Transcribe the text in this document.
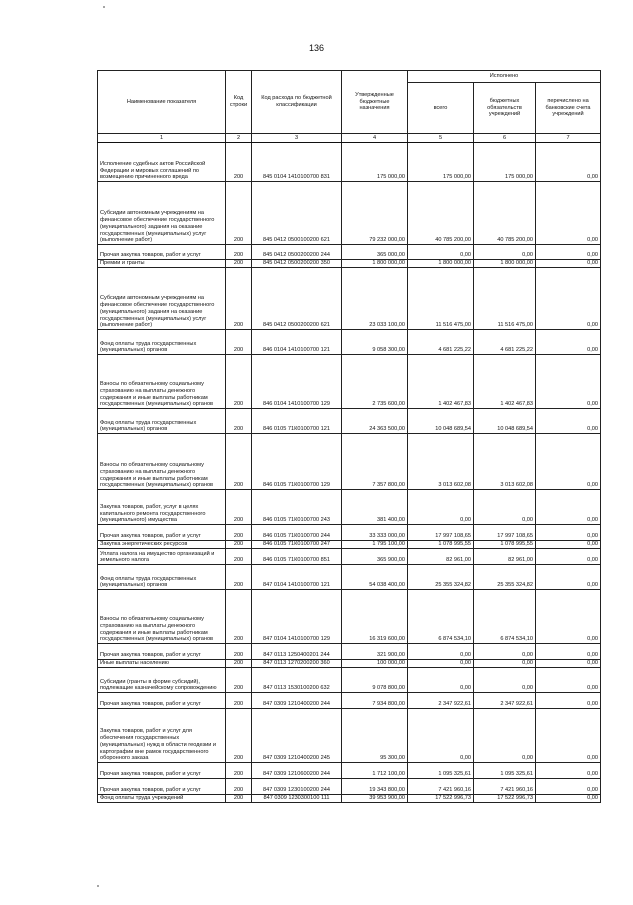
136
Наименование показателя	Код строки	Код расхода по бюджетной классификации	Утвержденные бюджетные назначения	Исполнено		
				всего	бюджетных обязательств учреждений	перечислено на банковские счета учреждений
1	2	3	4	5	6	7
Исполнение судебных актов Российской Федерации и мировых соглашений по возмещению причиненного вреда	200	845 0104 1410100700 831	175 000,00	175 000,00	175 000,00	0,00
Субсидии автономным учреждениям на финансовое обеспечение государственного (муниципального) задания на оказание государственных (муниципальных) услуг (выполнение работ)	200	845 0412 0500100200 621	79 232 000,00	40 785 200,00	40 785 200,00	0,00
Прочая закупка товаров, работ и услуг	200	845 0412 0500200200 244	365 000,00	0,00	0,00	0,00
Премии и гранты	200	845 0412 0500200200 350	1 800 000,00	1 800 000,00	1 800 000,00	0,00
Субсидии автономным учреждениям на финансовое обеспечение государственного (муниципального) задания на оказание государственных (муниципальных) услуг (выполнение работ)	200	845 0412 0500200200 621	23 033 100,00	11 516 475,00	11 516 475,00	0,00
Фонд оплаты труда государственных (муниципальных) органов	200	846 0104 1410100700 121	9 058 300,00	4 681 225,22	4 681 225,22	0,00
Взносы по обязательному социальному страхованию на выплаты денежного содержания и иные выплаты работникам государственных (муниципальных) органов	200	846 0104 1410100700 129	2 735 600,00	1 402 467,83	1 402 467,83	0,00
Фонд оплаты труда государственных (муниципальных) органов	200	846 0105 71К0100700 121	24 363 500,00	10 048 689,54	10 048 689,54	0,00
Взносы по обязательному социальному страхованию на выплаты денежного содержания и иные выплаты работникам государственных (муниципальных) органов	200	846 0105 71К0100700 129	7 357 800,00	3 013 602,08	3 013 602,08	0,00
Закупка товаров, работ, услуг в целях капитального ремонта государственного (муниципального) имущества	200	846 0105 71К0100700 243	381 400,00	0,00	0,00	0,00
Прочая закупка товаров, работ и услуг	200	846 0105 71К0100700 244	33 333 000,00	17 997 108,65	17 997 108,65	0,00
Закупка энергетических ресурсов	200	846 0105 71К0100700 247	1 795 100,00	1 078 995,55	1 078 995,55	0,00
Уплата налога на имущество организаций и земельного налога	200	846 0105 71К0100700 851	365 900,00	82 961,00	82 961,00	0,00
Фонд оплаты труда государственных (муниципальных) органов	200	847 0104 1410100700 121	54 038 400,00	25 355 324,82	25 355 324,82	0,00
Взносы по обязательному социальному страхованию на выплаты денежного содержания и иные выплаты работникам государственных (муниципальных) органов	200	847 0104 1410100700 129	16 319 600,00	6 874 534,10	6 874 534,10	0,00
Прочая закупка товаров, работ и услуг	200	847 0113 1250400201 244	321 900,00	0,00	0,00	0,00
Иные выплаты населению	200	847 0113 1270200200 360	100 000,00	0,00	0,00	0,00
Субсидии (гранты в форме субсидий), подлежащие казначейскому сопровождению	200	847 0113 1530100200 632	9 078 800,00	0,00	0,00	0,00
Прочая закупка товаров, работ и услуг	200	847 0309 1210400200 244	7 934 800,00	2 347 922,61	2 347 922,61	0,00
Закупка товаров, работ и услуг для обеспечения государственных (муниципальных) нужд в области геодезии и картографии вне рамок государственного оборонного заказа	200	847 0309 1210400200 245	95 300,00	0,00	0,00	0,00
Прочая закупка товаров, работ и услуг	200	847 0309 1210600200 244	1 712 100,00	1 095 325,61	1 095 325,61	0,00
Прочая закупка товаров, работ и услуг	200	847 0309 1230100200 244	19 343 800,00	7 421 960,16	7 421 960,16	0,00
Фонд оплаты труда учреждений	200	847 0309 1230300100 111	39 953 900,00	17 522 996,73	17 522 996,73	0,00
